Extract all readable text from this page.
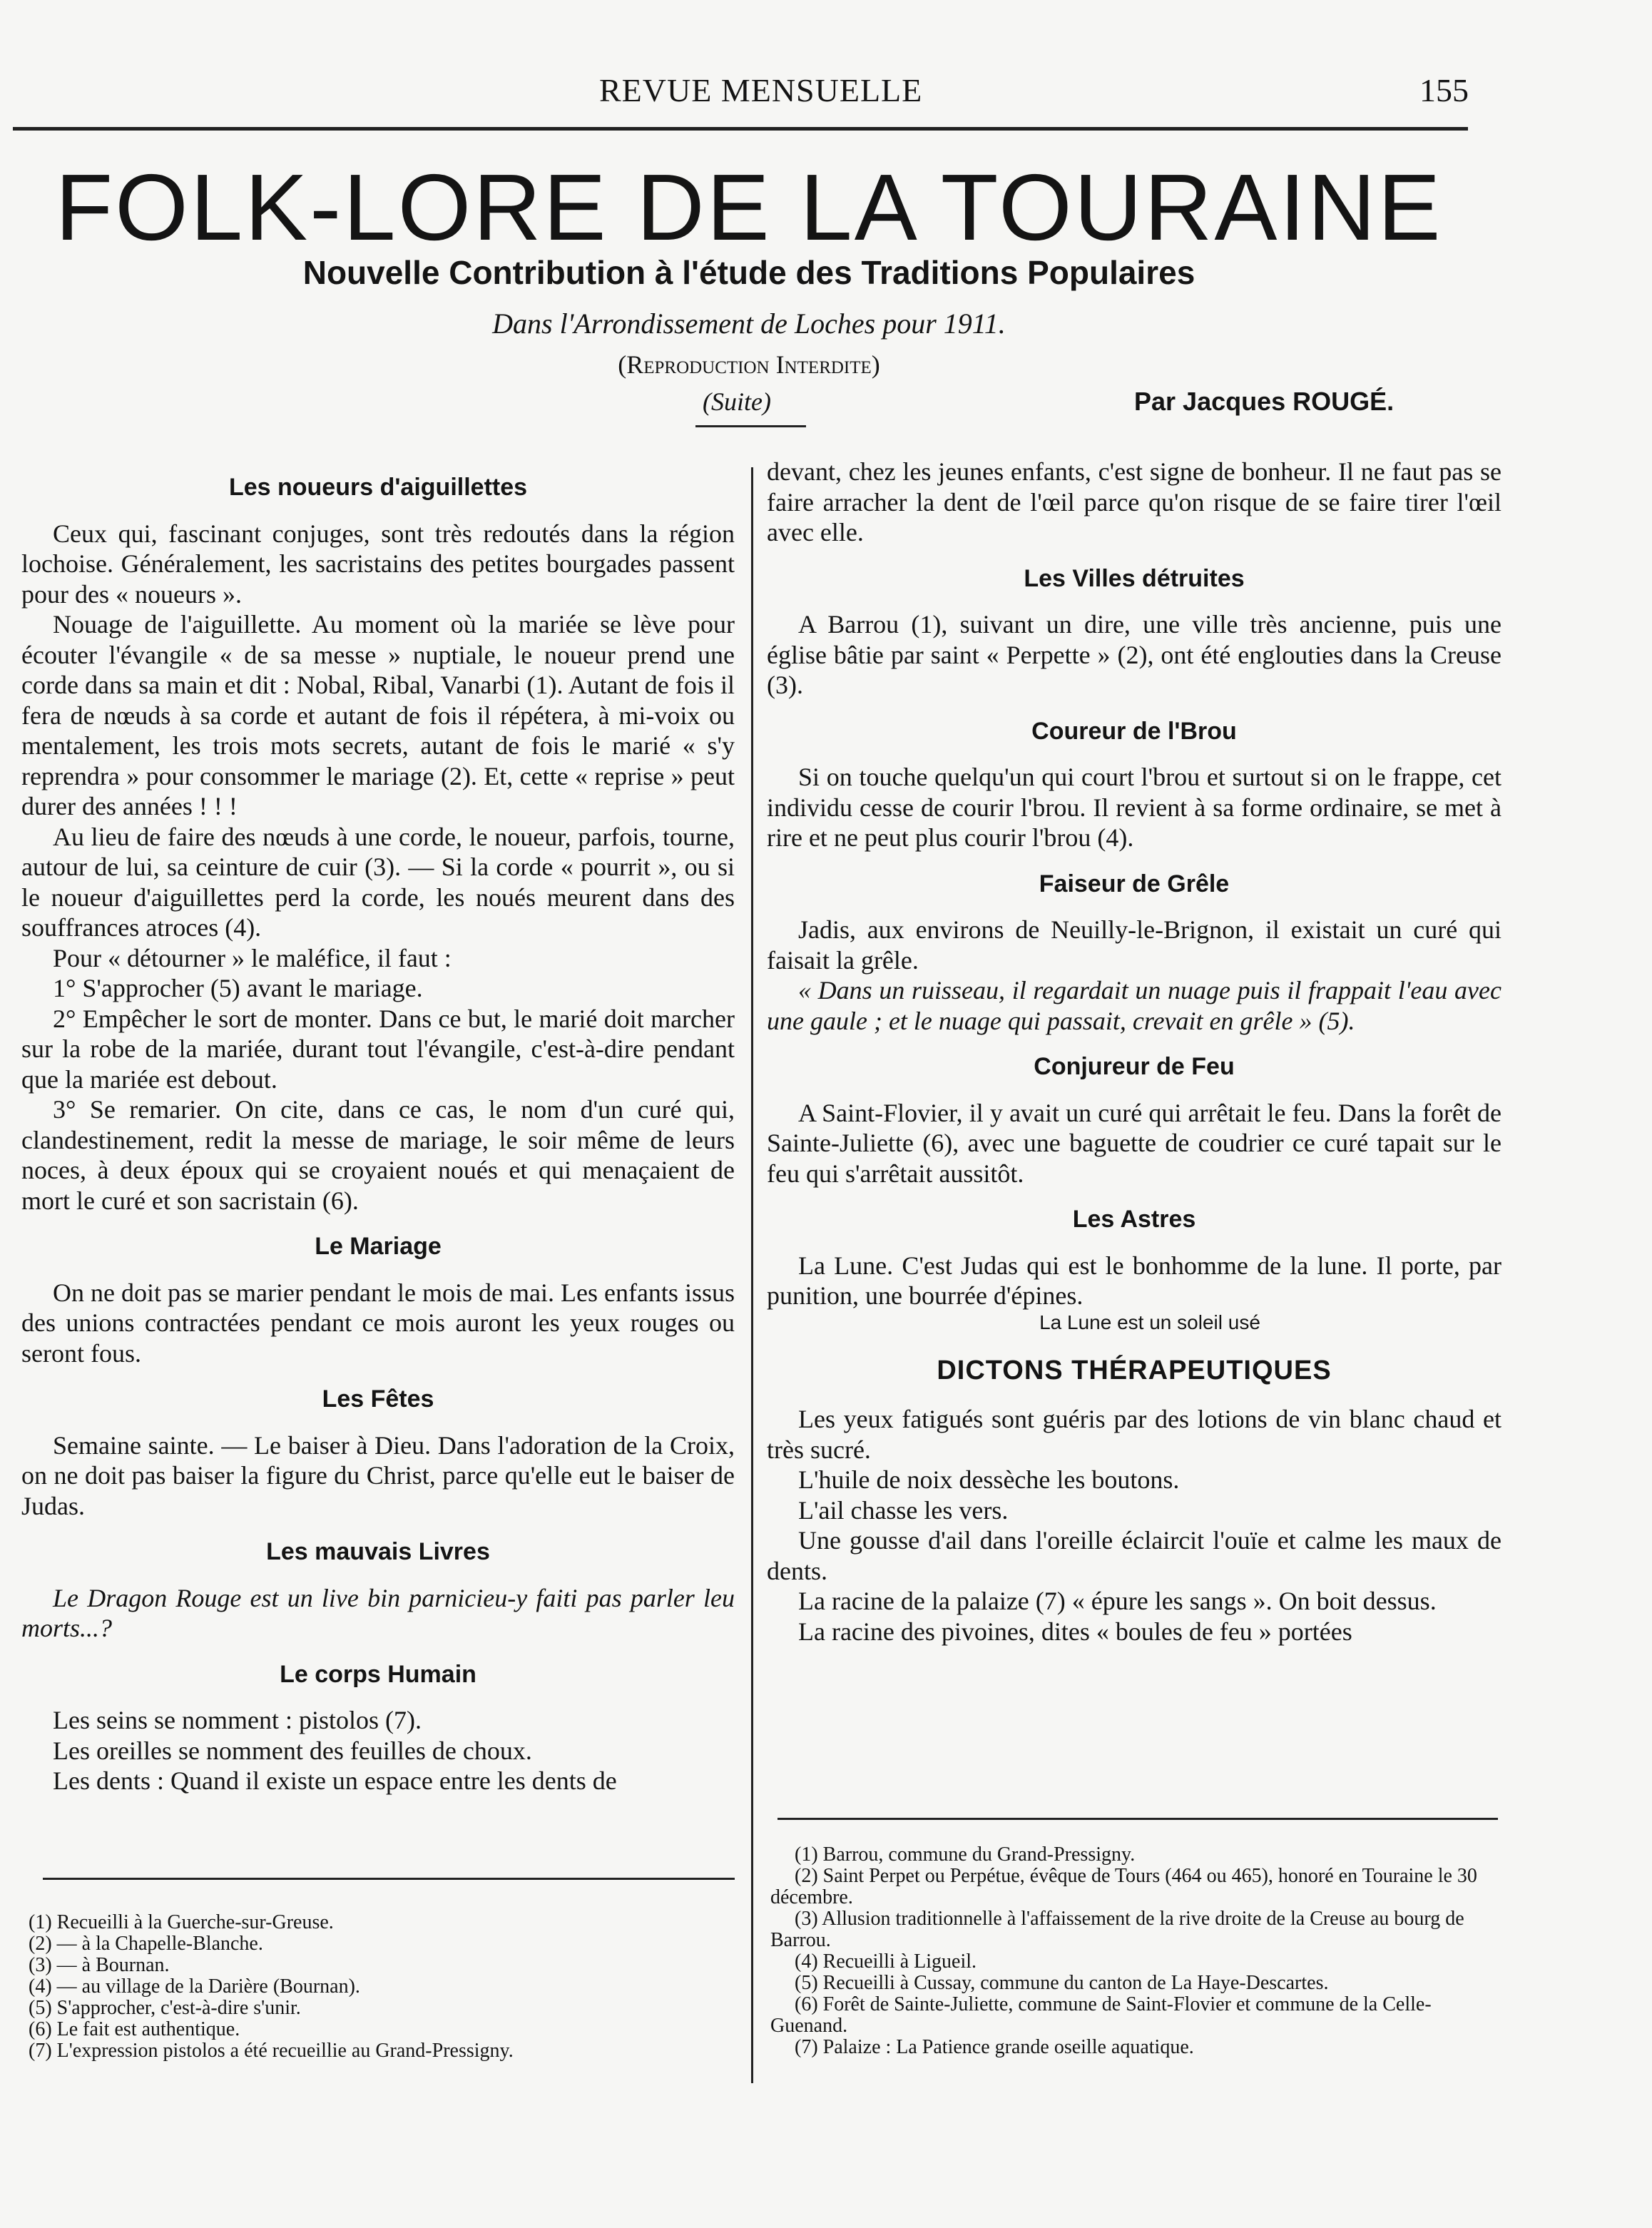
REVUE MENSUELLE	155
FOLK-LORE DE LA TOURAINE
Nouvelle Contribution à l'étude des Traditions Populaires
Dans l'Arrondissement de Loches pour 1911.
(Reproduction Interdite)
(Suite)	Par Jacques ROUGÉ.
Les noueurs d'aiguillettes

Ceux qui, fascinant conjuges, sont très redoutés dans la région lochoise. Généralement, les sacristains des petites bourgades passent pour des « noueurs ».

Nouage de l'aiguillette. Au moment où la mariée se lève pour écouter l'évangile « de sa messe » nuptiale, le noueur prend une corde dans sa main et dit : Nobal, Ribal, Vanarbi (1). Autant de fois il fera de nœuds à sa corde et autant de fois il répétera, à mi-voix ou mentalement, les trois mots secrets, autant de fois le marié « s'y reprendra » pour consommer le mariage (2). Et, cette « reprise » peut durer des années ! ! !

Au lieu de faire des nœuds à une corde, le noueur, parfois, tourne, autour de lui, sa ceinture de cuir (3). — Si la corde « pourrit », ou si le noueur d'aiguillettes perd la corde, les noués meurent dans des souffrances atroces (4).

Pour « détourner » le maléfice, il faut :

1° S'approcher (5) avant le mariage.

2° Empêcher le sort de monter. Dans ce but, le marié doit marcher sur la robe de la mariée, durant tout l'évangile, c'est-à-dire pendant que la mariée est debout.

3° Se remarier. On cite, dans ce cas, le nom d'un curé qui, clandestinement, redit la messe de mariage, le soir même de leurs noces, à deux époux qui se croyaient noués et qui menaçaient de mort le curé et son sacristain (6).

Le Mariage

On ne doit pas se marier pendant le mois de mai. Les enfants issus des unions contractées pendant ce mois auront les yeux rouges ou seront fous.

Les Fêtes

Semaine sainte. — Le baiser à Dieu. Dans l'adoration de la Croix, on ne doit pas baiser la figure du Christ, parce qu'elle eut le baiser de Judas.

Les mauvais Livres

Le Dragon Rouge est un live bin parnicieu-y faiti pas parler leu morts...?

Le corps Humain

Les seins se nomment : pistolos (7).

Les oreilles se nomment des feuilles de choux.

Les dents : Quand il existe un espace entre les dents de

devant, chez les jeunes enfants, c'est signe de bonheur. Il ne faut pas se faire arracher la dent de l'œil parce qu'on risque de se faire tirer l'œil avec elle.

Les Villes détruites

A Barrou (1), suivant un dire, une ville très ancienne, puis une église bâtie par saint « Perpette » (2), ont été englouties dans la Creuse (3).

Coureur de l'Brou

Si on touche quelqu'un qui court l'brou et surtout si on le frappe, cet individu cesse de courir l'brou. Il revient à sa forme ordinaire, se met à rire et ne peut plus courir l'brou (4).

Faiseur de Grêle

Jadis, aux environs de Neuilly-le-Brignon, il existait un curé qui faisait la grêle.

« Dans un ruisseau, il regardait un nuage puis il frappait l'eau avec une gaule ; et le nuage qui passait, crevait en grêle » (5).

Conjureur de Feu

A Saint-Flovier, il y avait un curé qui arrêtait le feu. Dans la forêt de Sainte-Juliette (6), avec une baguette de coudrier ce curé tapait sur le feu qui s'arrêtait aussitôt.

Les Astres

La Lune. C'est Judas qui est le bonhomme de la lune. Il porte, par punition, une bourrée d'épines.

La Lune est un soleil usé

DICTONS THÉRAPEUTIQUES

Les yeux fatigués sont guéris par des lotions de vin blanc chaud et très sucré.

L'huile de noix dessèche les boutons.

L'ail chasse les vers.

Une gousse d'ail dans l'oreille éclaircit l'ouïe et calme les maux de dents.

La racine de la palaize (7) « épure les sangs ». On boit dessus.

La racine des pivoines, dites « boules de feu » portées

(1) Recueilli à la Guerche-sur-Greuse.
(2) — à la Chapelle-Blanche.
(3) — à Bournan.
(4) — au village de la Darière (Bournan).
(5) S'approcher, c'est-à-dire s'unir.
(6) Le fait est authentique.
(7) L'expression pistolos a été recueillie au Grand-Pressigny.
(1) Barrou, commune du Grand-Pressigny.
(2) Saint Perpet ou Perpétue, évêque de Tours (464 ou 465), honoré en Touraine le 30 décembre.
(3) Allusion traditionnelle à l'affaissement de la rive droite de la Creuse au bourg de Barrou.
(4) Recueilli à Ligueil.
(5) Recueilli à Cussay, commune du canton de La Haye-Descartes.
(6) Forêt de Sainte-Juliette, commune de Saint-Flovier et commune de la Celle-Guenand.
(7) Palaize : La Patience grande oseille aquatique.
